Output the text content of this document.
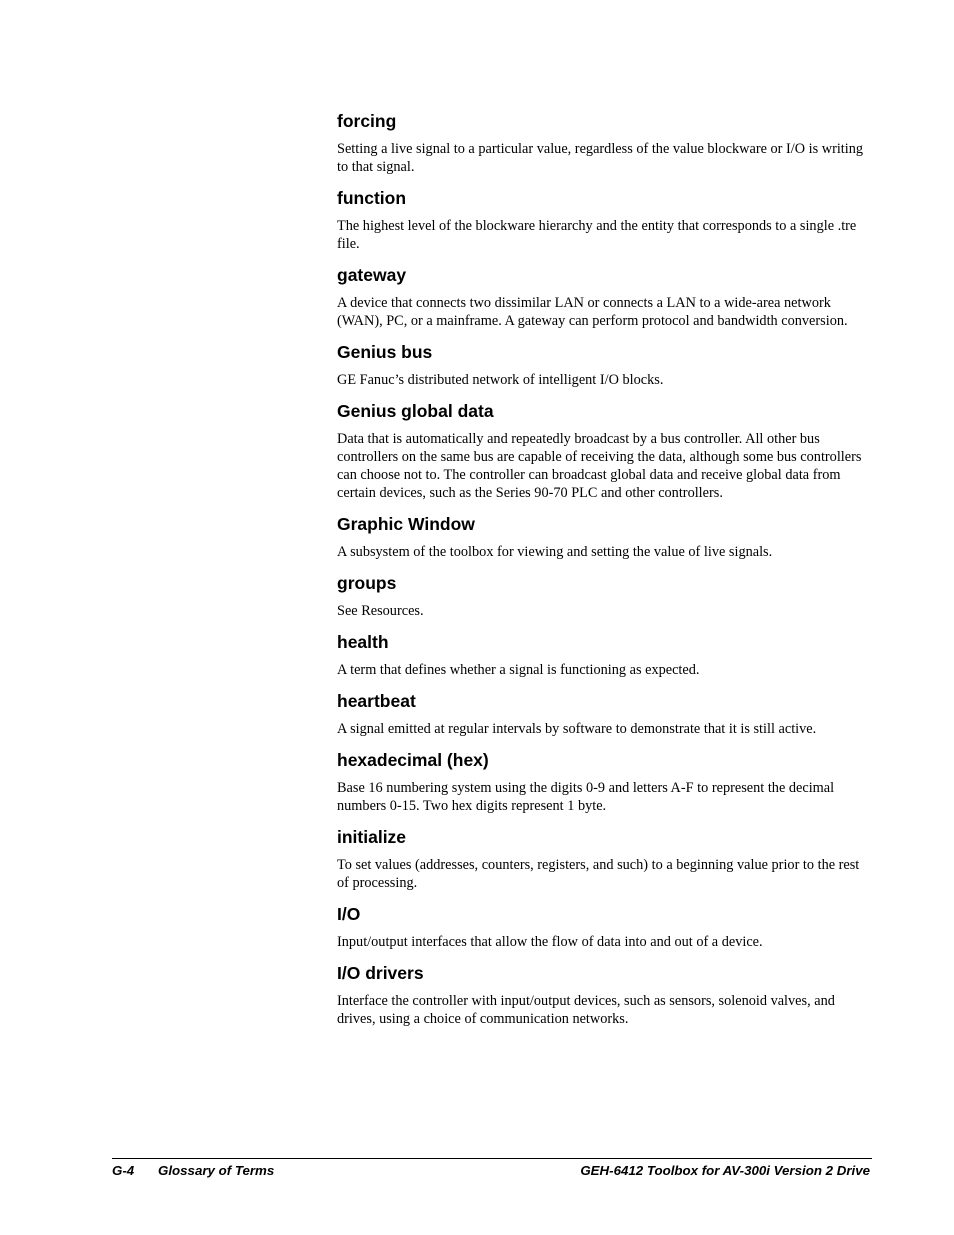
forcing

Setting a live signal to a particular value, regardless of the value blockware or I/O is writing to that signal.

function

The highest level of the blockware hierarchy and the entity that corresponds to a single .tre file.

gateway

A device that connects two dissimilar LAN or connects a LAN to a wide-area network (WAN), PC, or a mainframe. A gateway can perform protocol and bandwidth conversion.

Genius bus

GE Fanuc’s distributed network of intelligent I/O blocks.

Genius global data

Data that is automatically and repeatedly broadcast by a bus controller. All other bus controllers on the same bus are capable of receiving the data, although some bus controllers can choose not to. The controller can broadcast global data and receive global data from certain devices, such as the Series 90-70 PLC and other controllers.

Graphic Window

A subsystem of the toolbox for viewing and setting the value of live signals.

groups

See Resources.

health

A term that defines whether a signal is functioning as expected.

heartbeat

A signal emitted at regular intervals by software to demonstrate that it is still active.

hexadecimal (hex)

Base 16 numbering system using the digits 0-9 and letters A-F to represent the decimal numbers 0-15. Two hex digits represent 1 byte.

initialize

To set values (addresses, counters, registers, and such) to a beginning value prior to the rest of processing.

I/O

Input/output interfaces that allow the flow of data into and out of a device.

I/O drivers

Interface the controller with input/output devices, such as sensors, solenoid valves, and drives, using a choice of communication networks.

G-4 Glossary of Terms	GEH-6412 Toolbox for AV-300i Version 2 Drive
